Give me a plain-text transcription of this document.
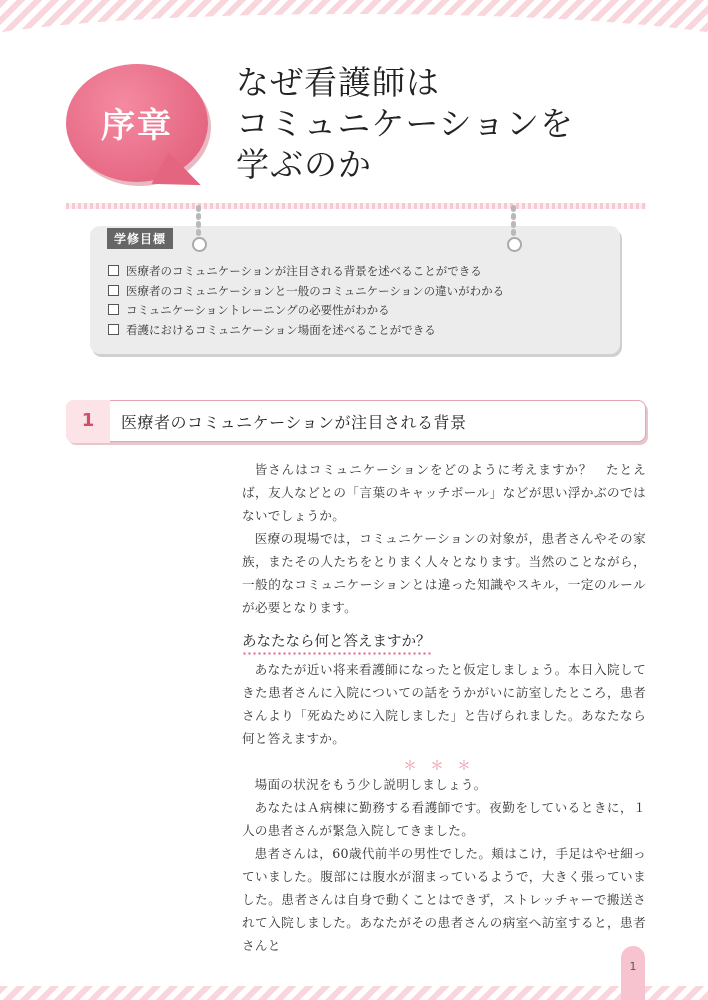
序章
なぜ看護師は
コミュニケーションを
学ぶのか
学修目標
医療者のコミュニケーションが注目される背景を述べることができる
医療者のコミュニケーションと一般のコミュニケーションの違いがわかる
コミュニケーショントレーニングの必要性がわかる
看護におけるコミュニケーション場面を述べることができる
1	医療者のコミュニケーションが注目される背景

皆さんはコミュニケーションをどのように考えますか？　たとえば，友人などとの「言葉のキャッチボール」などが思い浮かぶのではないでしょうか。

医療の現場では，コミュニケーションの対象が，患者さんやその家族，またその人たちをとりまく人々となります。当然のことながら，一般的なコミュニケーションとは違った知識やスキル，一定のルールが必要となります。

あなたなら何と答えますか？

あなたが近い将来看護師になったと仮定しましょう。本日入院してきた患者さんに入院についての話をうかがいに訪室したところ，患者さんより「死ぬために入院しました」と告げられました。あなたなら何と答えますか。

＊＊＊

場面の状況をもう少し説明しましょう。

あなたはＡ病棟に勤務する看護師です。夜勤をしているときに，１人の患者さんが緊急入院してきました。

患者さんは，60歳代前半の男性でした。頬はこけ，手足はやせ細っていました。腹部には腹水が溜まっているようで，大きく張っていました。患者さんは自身で動くことはできず，ストレッチャーで搬送されて入院しました。あなたがその患者さんの病室へ訪室すると，患者さんと

1
